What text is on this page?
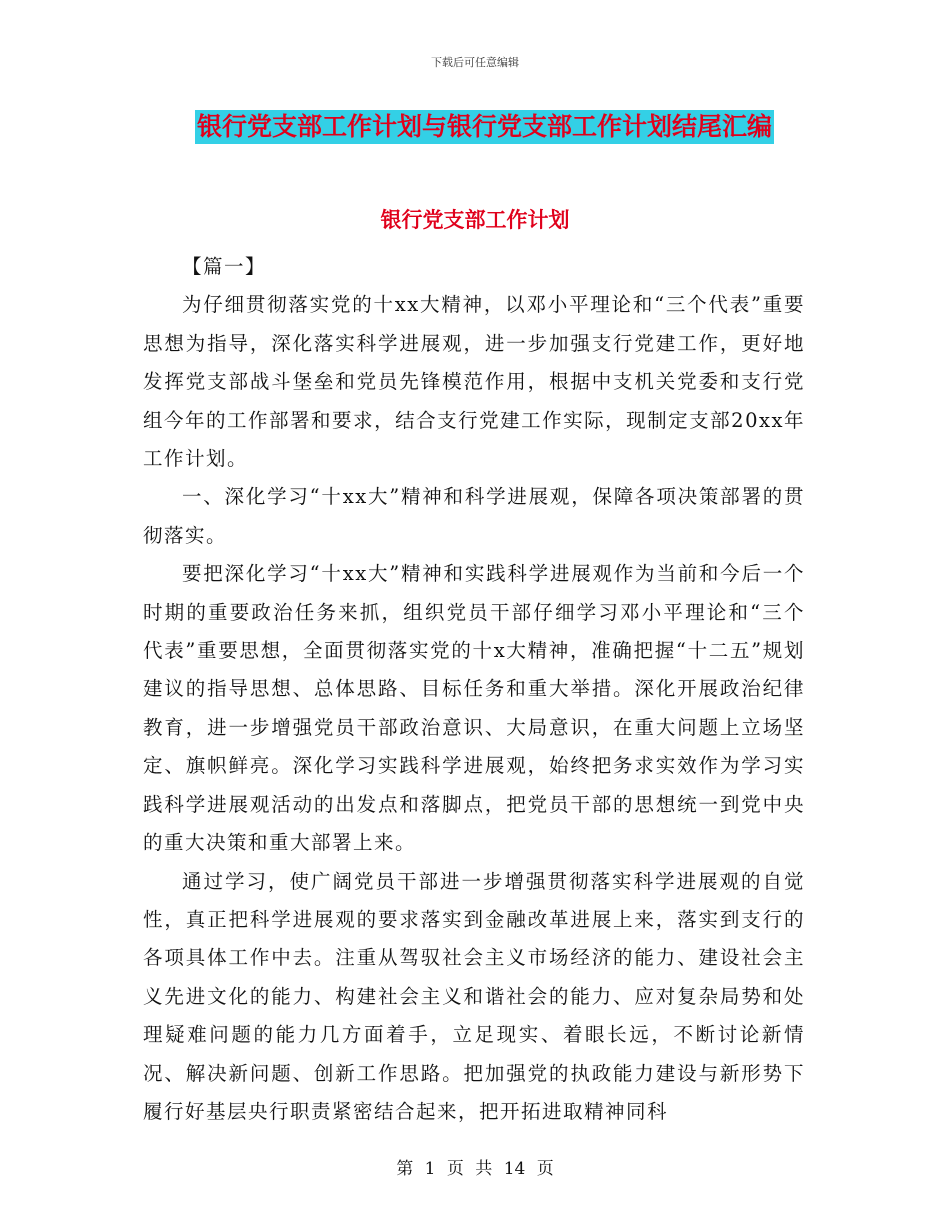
下载后可任意编辑
银行党支部工作计划与银行党支部工作计划结尾汇编
银行党支部工作计划

【篇一】

为仔细贯彻落实党的十xx大精神，以邓小平理论和“三个代表”重要思想为指导，深化落实科学进展观，进一步加强支行党建工作，更好地发挥党支部战斗堡垒和党员先锋模范作用，根据中支机关党委和支行党组今年的工作部署和要求，结合支行党建工作实际，现制定支部20xx年工作计划。

一、深化学习“十xx大”精神和科学进展观，保障各项决策部署的贯彻落实。

要把深化学习“十xx大”精神和实践科学进展观作为当前和今后一个时期的重要政治任务来抓，组织党员干部仔细学习邓小平理论和“三个代表”重要思想，全面贯彻落实党的十x大精神，准确把握“十二五”规划建议的指导思想、总体思路、目标任务和重大举措。深化开展政治纪律教育，进一步增强党员干部政治意识、大局意识，在重大问题上立场坚定、旗帜鲜亮。深化学习实践科学进展观，始终把务求实效作为学习实践科学进展观活动的出发点和落脚点，把党员干部的思想统一到党中央的重大决策和重大部署上来。

通过学习，使广阔党员干部进一步增强贯彻落实科学进展观的自觉性，真正把科学进展观的要求落实到金融改革进展上来，落实到支行的各项具体工作中去。注重从驾驭社会主义市场经济的能力、建设社会主义先进文化的能力、构建社会主义和谐社会的能力、应对复杂局势和处理疑难问题的能力几方面着手，立足现实、着眼长远，不断讨论新情况、解决新问题、创新工作思路。把加强党的执政能力建设与新形势下履行好基层央行职责紧密结合起来，把开拓进取精神同科

第 1 页 共 14 页
